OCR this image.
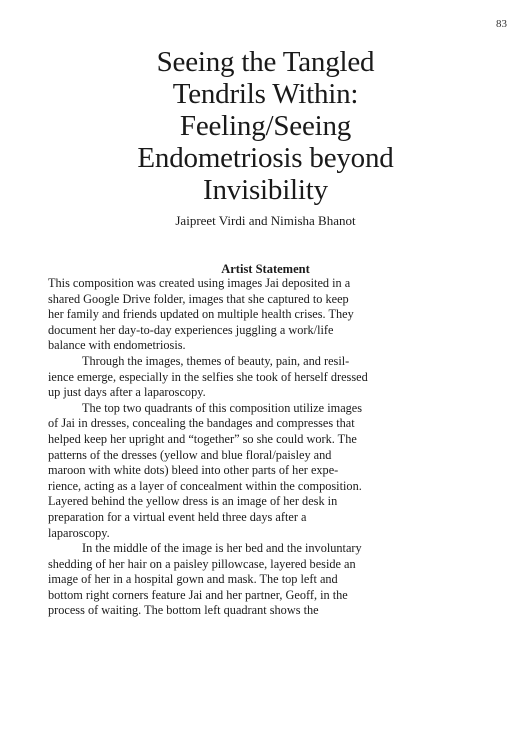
83
Seeing the Tangled
Tendrils Within:
Feeling/Seeing
Endometriosis beyond
Invisibility
Jaipreet Virdi and Nimisha Bhanot
Artist Statement
This composition was created using images Jai deposited in a
shared Google Drive folder, images that she captured to keep
her family and friends updated on multiple health crises. They
document her day-to-day experiences juggling a work/life
balance with endometriosis.
Through the images, themes of beauty, pain, and resil-
ience emerge, especially in the selfies she took of herself dressed
up just days after a laparoscopy.
The top two quadrants of this composition utilize images
of Jai in dresses, concealing the bandages and compresses that
helped keep her upright and “together” so she could work. The
patterns of the dresses (yellow and blue floral/paisley and
maroon with white dots) bleed into other parts of her expe-
rience, acting as a layer of concealment within the composition.
Layered behind the yellow dress is an image of her desk in
preparation for a virtual event held three days after a
laparoscopy.
In the middle of the image is her bed and the involuntary
shedding of her hair on a paisley pillowcase, layered beside an
image of her in a hospital gown and mask. The top left and
bottom right corners feature Jai and her partner, Geoff, in the
process of waiting. The bottom left quadrant shows the
